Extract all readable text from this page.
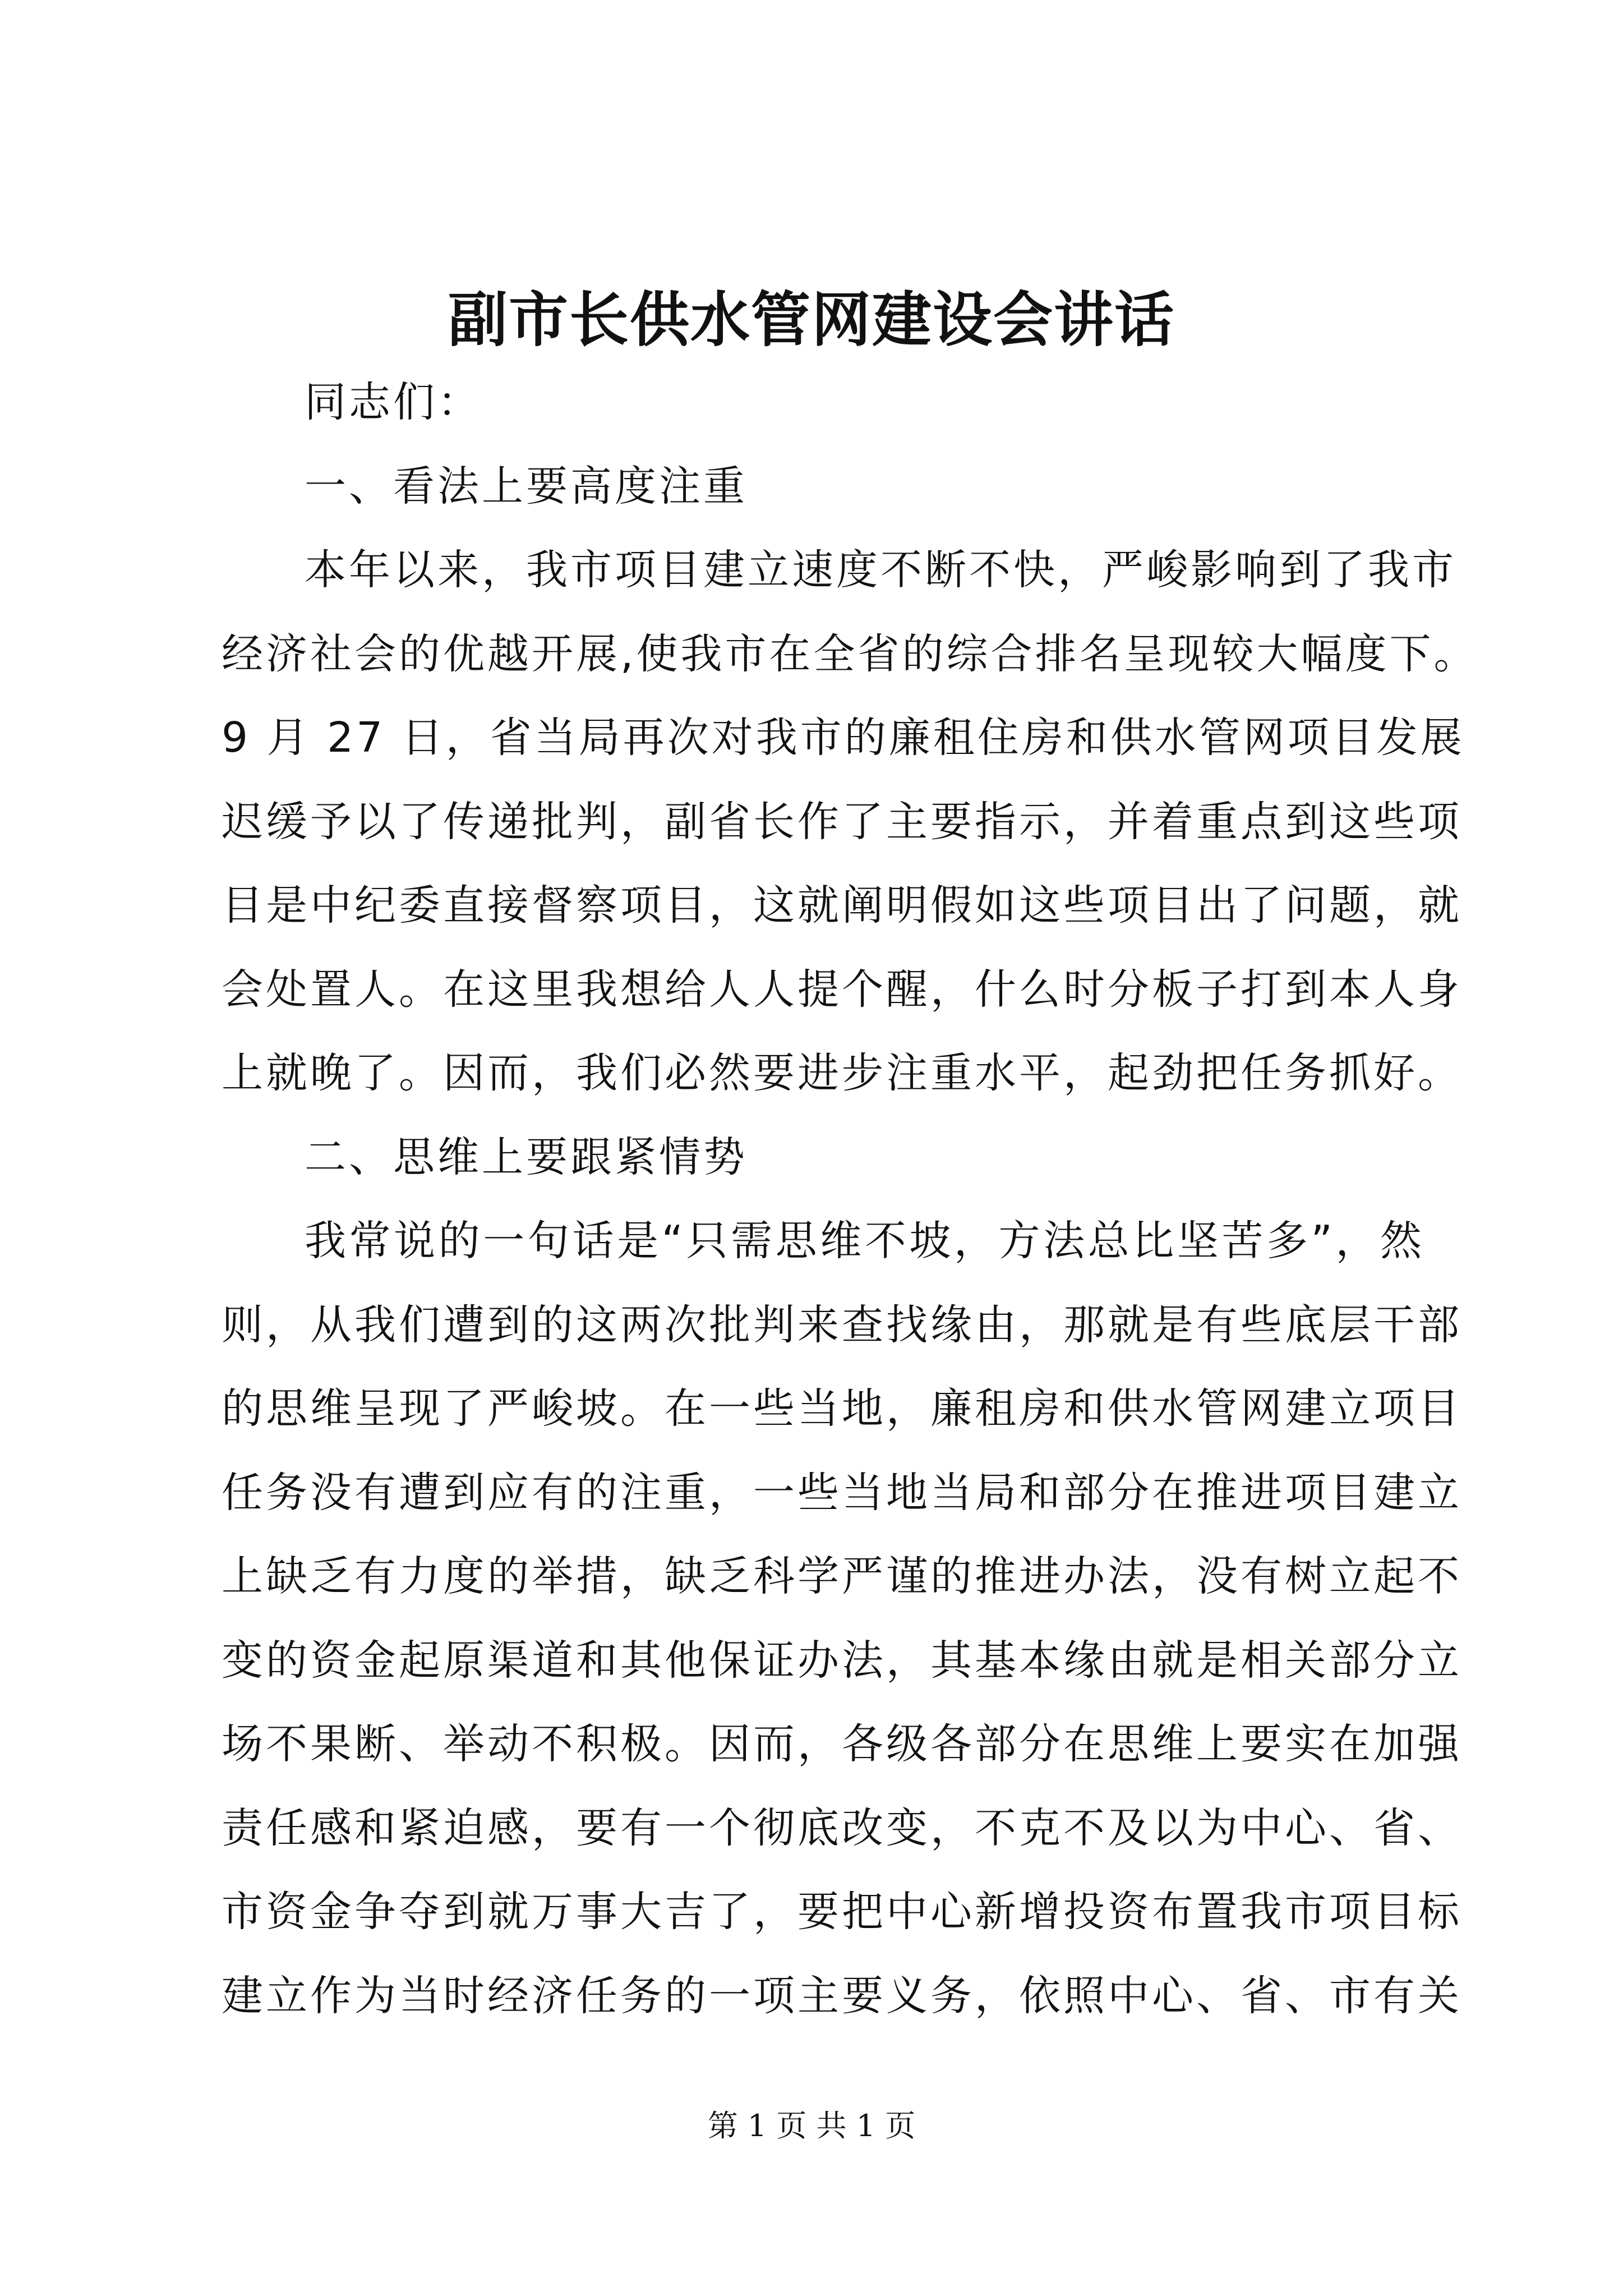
副市长供水管网建设会讲话
同志们：
一、看法上要高度注重
本年以来，我市项目建立速度不断不快，严峻影响到了我市
经济社会的优越开展,使我市在全省的综合排名呈现较大幅度下。
9 月 27 日，省当局再次对我市的廉租住房和供水管网项目发展
迟缓予以了传递批判，副省长作了主要指示，并着重点到这些项
目是中纪委直接督察项目，这就阐明假如这些项目出了问题，就
会处置人。在这里我想给人人提个醒，什么时分板子打到本人身
上就晚了。因而，我们必然要进步注重水平，起劲把任务抓好。
二、思维上要跟紧情势
我常说的一句话是“只需思维不坡，方法总比坚苦多”，然
则，从我们遭到的这两次批判来查找缘由，那就是有些底层干部
的思维呈现了严峻坡。在一些当地，廉租房和供水管网建立项目
任务没有遭到应有的注重，一些当地当局和部分在推进项目建立
上缺乏有力度的举措，缺乏科学严谨的推进办法，没有树立起不
变的资金起原渠道和其他保证办法，其基本缘由就是相关部分立
场不果断、举动不积极。因而，各级各部分在思维上要实在加强
责任感和紧迫感，要有一个彻底改变，不克不及以为中心、省、
市资金争夺到就万事大吉了，要把中心新增投资布置我市项目标
建立作为当时经济任务的一项主要义务，依照中心、省、市有关
第 1 页 共 1 页
